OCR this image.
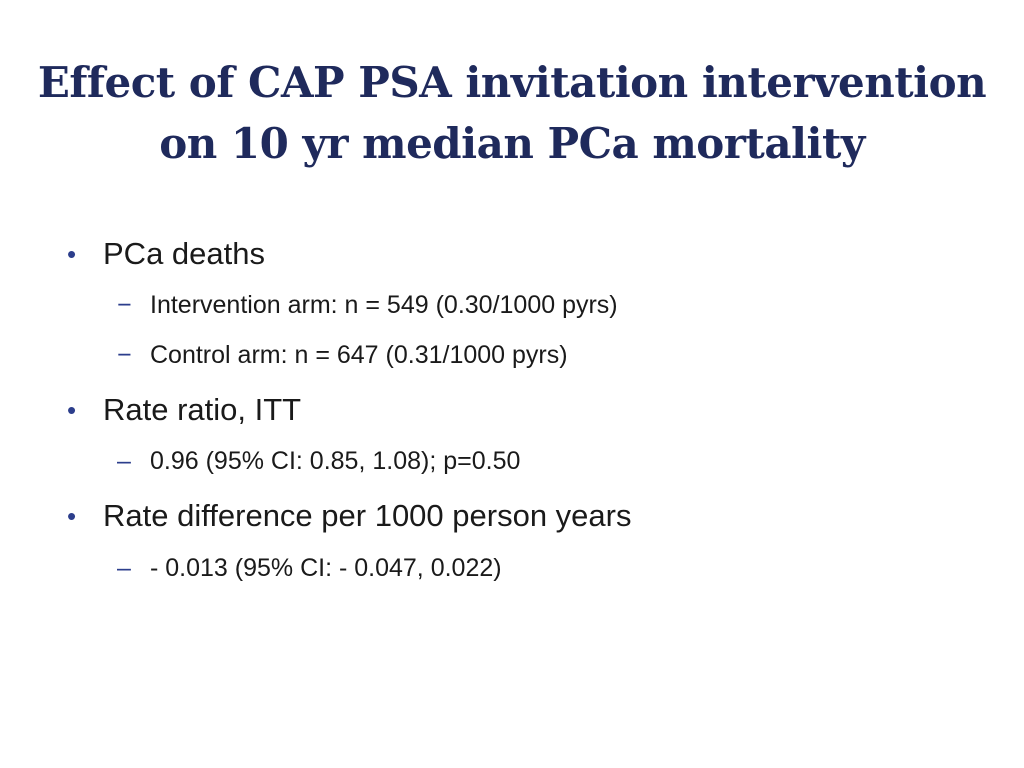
Effect of CAP PSA invitation intervention
on 10 yr median PCa mortality
• PCa deaths
− Intervention arm: n = 549 (0.30/1000 pyrs)
− Control arm: n = 647 (0.31/1000 pyrs)
• Rate ratio, ITT
– 0.96 (95% CI: 0.85, 1.08); p=0.50
• Rate difference per 1000 person years
– - 0.013 (95% CI: - 0.047, 0.022)
